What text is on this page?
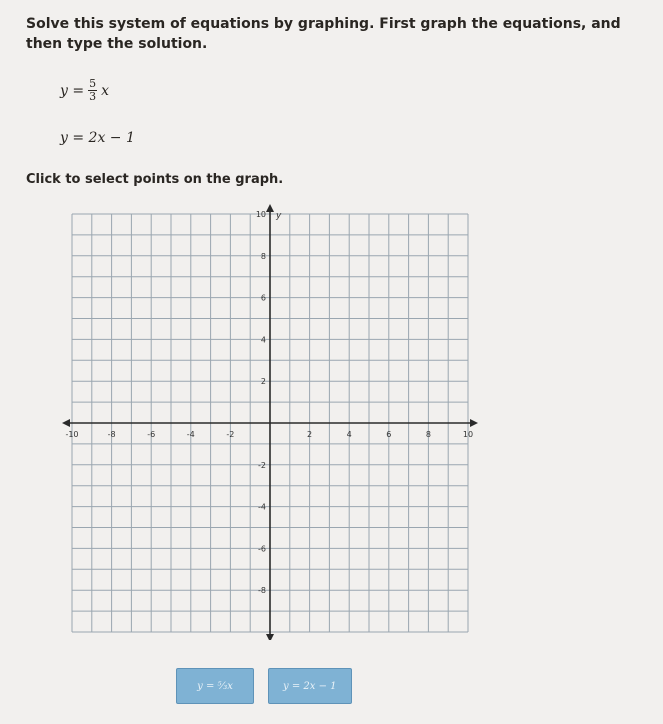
Solve this system of equations by graphing. First graph the equations, and then type the solution.
$y = \frac{5}{3}$ x
y = 2x − 1
Click to select points on the graph.
-10	-8	-6	-4	-2	2	4	6	8	10
10
8
6
4
2
-2
-4
-6
-8
y
y = ⁵⁄₃x	y = 2x − 1
